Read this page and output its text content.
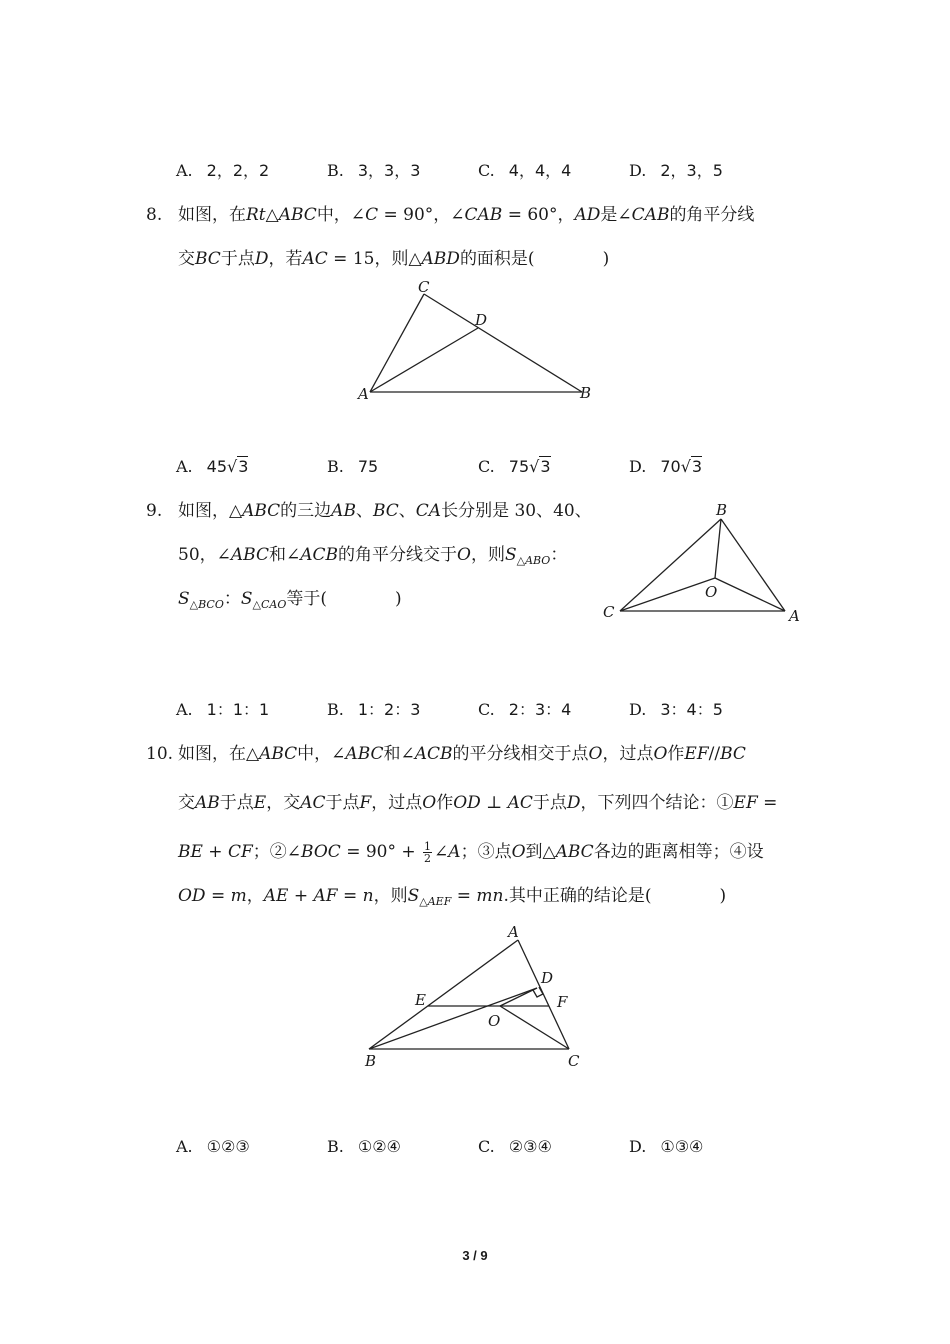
A. 2，2，2	B. 3，3，3	C. 4，4，4	D. 2，3，5
8. 如图，在Rt△ABC中，∠C = 90°，∠CAB = 60°，AD是∠CAB的角平分线
交BC于点D，若AC = 15，则△ABD的面积是(　　　　)
C
D
A	B
A. 45√3	B. 75	C. 75√3	D. 70√3
9. 如图，△ABC的三边AB、BC、CA长分别是 30、40、
50，∠ABC和∠ACB的角平分线交于O，则$S_{\triangle ABO}$：
$S_{\triangle BCO}$：$S_{\triangle CAO}$等于(　　　　)
B
O
C	A
A. 1：1：1	B. 1：2：3	C. 2：3：4	D. 3：4：5
10. 如图，在△ABC中，∠ABC和∠ACB的平分线相交于点O，过点O作EF//BC
交AB于点E，交AC于点F，过点O作OD ⊥ AC于点D，下列四个结论：①EF =
BE + CF；②∠BOC = $90^\circ + \frac{1}{2}$ ∠A；③点O到△ABC各边的距离相等；④设
OD = m，AE + AF = n，则$S_{\triangle AEF}$ = mn.其中正确的结论是(　　　　)
A
D
E	F
O
B	C
A. ①②③	B. ①②④	C. ②③④	D. ①③④
3 / 9
